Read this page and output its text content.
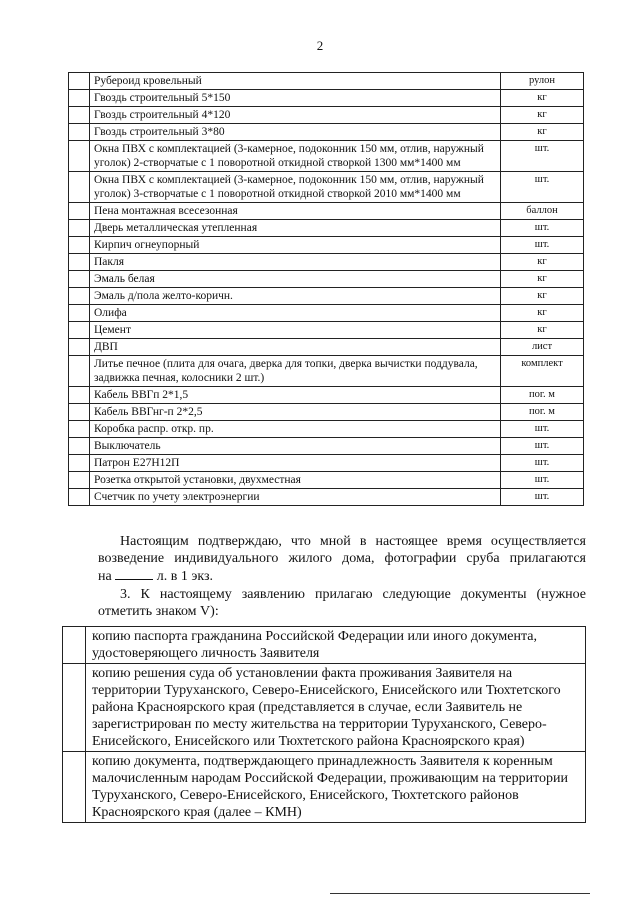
2
	Рубероид кровельный	рулон
	Гвоздь строительный 5*150	кг
	Гвоздь строительный 4*120	кг
	Гвоздь строительный 3*80	кг
	Окна ПВХ с комплектацией (3-камерное, подоконник 150 мм, отлив, наружный уголок) 2-створчатые с 1 поворотной откидной створкой 1300 мм*1400 мм	шт.
	Окна ПВХ с комплектацией (3-камерное, подоконник 150 мм, отлив, наружный уголок) 3-створчатые с 1 поворотной откидной створкой 2010 мм*1400 мм	шт.
	Пена монтажная всесезонная	баллон
	Дверь металлическая утепленная	шт.
	Кирпич огнеупорный	шт.
	Пакля	кг
	Эмаль белая	кг
	Эмаль д/пола желто-коричн.	кг
	Олифа	кг
	Цемент	кг
	ДВП	лист
	Литье печное (плита для очага, дверка для топки, дверка вычистки поддувала, задвижка печная, колосники 2 шт.)	комплект
	Кабель ВВГп 2*1,5	пог. м
	Кабель ВВГнг-п 2*2,5	пог. м
	Коробка распр. откр. пр.	шт.
	Выключатель	шт.
	Патрон Е27Н12П	шт.
	Розетка открытой установки, двухместная	шт.
	Счетчик по учету электроэнергии	шт.
Настоящим подтверждаю, что мной в настоящее время осуществляется
возведение индивидуального жилого дома, фотографии сруба прилагаются
на	л. в 1 экз.
3. К настоящему заявлению прилагаю следующие документы (нужное
отметить знаком V):
	копию паспорта гражданина Российской Федерации или иного документа, удостоверяющего личность Заявителя
	копию решения суда об установлении факта проживания Заявителя на территории Туруханского, Северо-Енисейского, Енисейского или Тюхтетского района Красноярского края (представляется в случае, если Заявитель не зарегистрирован по месту жительства на территории Туруханского, Северо-Енисейского, Енисейского или Тюхтетского района Красноярского края)
	копию документа, подтверждающего принадлежность Заявителя к коренным малочисленным народам Российской Федерации, проживающим на территории Туруханского, Северо-Енисейского, Енисейского, Тюхтетского районов Красноярского края (далее – КМН)
